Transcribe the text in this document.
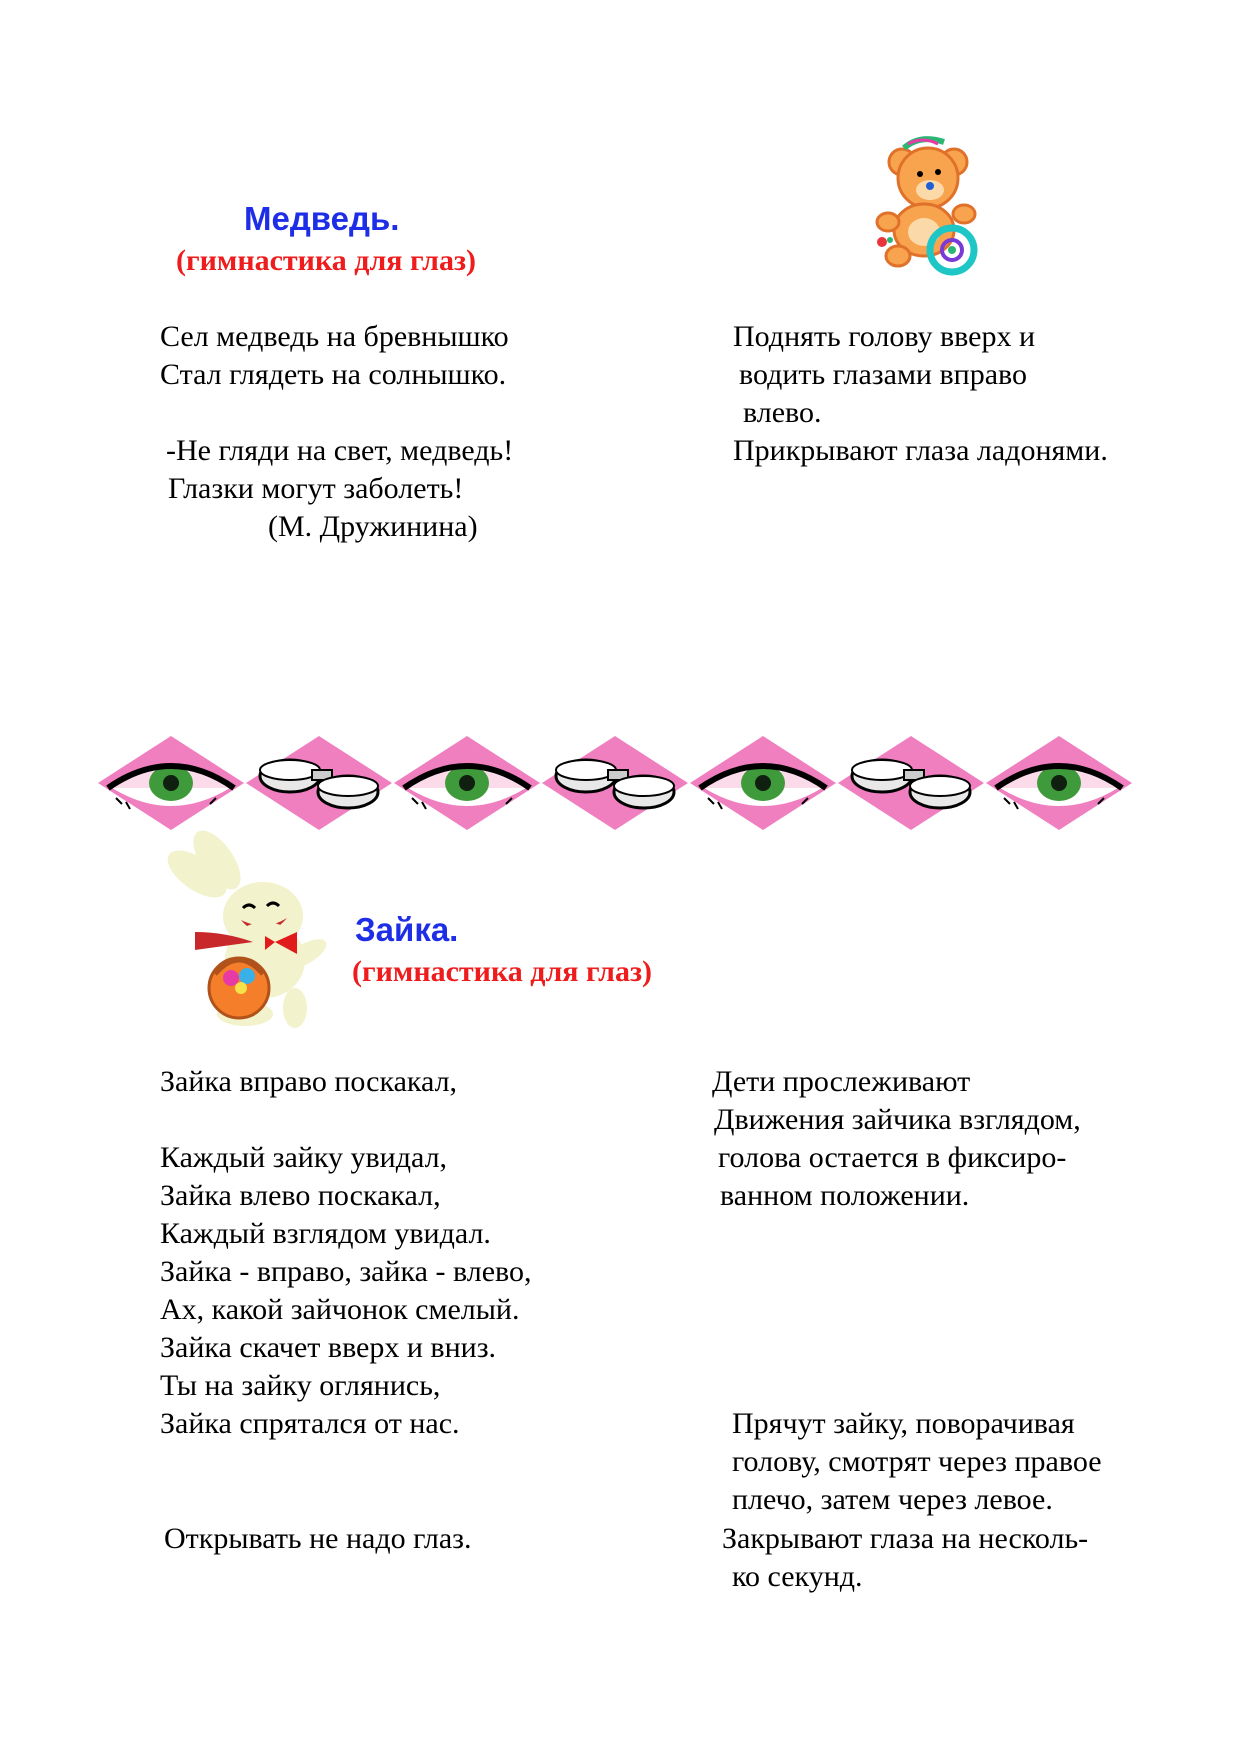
Медведь.
(гимнастика для глаз)
Сел медведь на бревнышко
Стал глядеть на солнышко.
-Не гляди на свет, медведь!
Глазки могут заболеть!
(М. Дружинина)
Поднять голову вверх и
водить глазами вправо
влево.
Прикрывают глаза ладонями.
Зайка.
(гимнастика для глаз)
Зайка вправо поскакал,
Каждый зайку увидал,
Зайка влево поскакал,
Каждый взглядом увидал.
Зайка - вправо, зайка - влево,
Ах, какой зайчонок смелый.
Зайка скачет вверх и вниз.
Ты на зайку оглянись,
Зайка спрятался от нас.
Открывать не надо глаз.
Дети прослеживают
Движения зайчика взглядом,
голова остается в фиксиро-
ванном положении.
Прячут зайку, поворачивая
голову, смотрят через правое
плечо, затем через левое.
Закрывают глаза на несколь-
ко секунд.
